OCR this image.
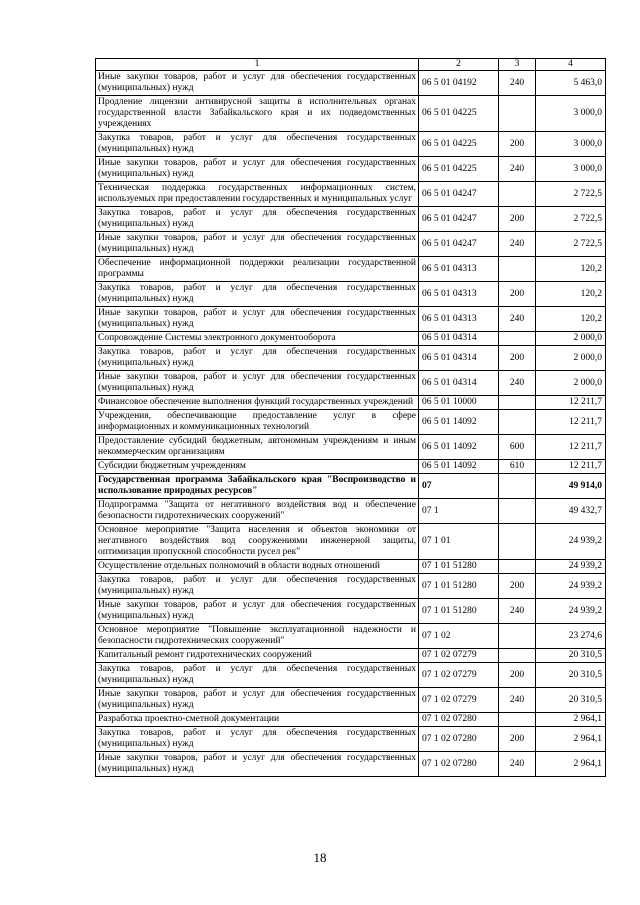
1	2	3	4
Иные закупки товаров, работ и услуг для обеспечения государственных (муниципальных) нужд	06 5 01 04192	240	5 463,0
Продление лицензии антивирусной защиты в исполнительных органах государственной власти Забайкальского края и их подведомственных учреждениях	06 5 01 04225		3 000,0
Закупка товаров, работ и услуг для обеспечения государственных (муниципальных) нужд	06 5 01 04225	200	3 000,0
Иные закупки товаров, работ и услуг для обеспечения государственных (муниципальных) нужд	06 5 01 04225	240	3 000,0
Техническая поддержка государственных информационных систем, используемых при предоставлении государственных и муниципальных услуг	06 5 01 04247		2 722,5
Закупка товаров, работ и услуг для обеспечения государственных (муниципальных) нужд	06 5 01 04247	200	2 722,5
Иные закупки товаров, работ и услуг для обеспечения государственных (муниципальных) нужд	06 5 01 04247	240	2 722,5
Обеспечение информационной поддержки реализации государственной программы	06 5 01 04313		120,2
Закупка товаров, работ и услуг для обеспечения государственных (муниципальных) нужд	06 5 01 04313	200	120,2
Иные закупки товаров, работ и услуг для обеспечения государственных (муниципальных) нужд	06 5 01 04313	240	120,2
Сопровождение Системы электронного документооборота	06 5 01 04314		2 000,0
Закупка товаров, работ и услуг для обеспечения государственных (муниципальных) нужд	06 5 01 04314	200	2 000,0
Иные закупки товаров, работ и услуг для обеспечения государственных (муниципальных) нужд	06 5 01 04314	240	2 000,0
Финансовое обеспечение выполнения функций государственных учреждений	06 5 01 10000		12 211,7
Учреждения, обеспечивающие предоставление услуг в сфере информационных и коммуникационных технологий	06 5 01 14092		12 211,7
Предоставление субсидий бюджетным, автономным учреждениям и иным некоммерческим организациям	06 5 01 14092	600	12 211,7
Субсидии бюджетным учреждениям	06 5 01 14092	610	12 211,7
Государственная программа Забайкальского края "Воспроизводство и использование природных ресурсов"	07		49 914,0
Подпрограмма "Защита от негативного воздействия вод и обеспечение безопасности гидротехнических сооружений"	07 1		49 432,7
Основное мероприятие "Защита населения и объектов экономики от негативного воздействия вод сооружениями инженерной защиты, оптимизация пропускной способности русел рек"	07 1 01		24 939,2
Осуществление отдельных полномочий в области водных отношений	07 1 01 51280		24 939,2
Закупка товаров, работ и услуг для обеспечения государственных (муниципальных) нужд	07 1 01 51280	200	24 939,2
Иные закупки товаров, работ и услуг для обеспечения государственных (муниципальных) нужд	07 1 01 51280	240	24 939,2
Основное мероприятие "Повышение эксплуатационной надежности и безопасности гидротехнических сооружений"	07 1 02		23 274,6
Капитальный ремонт гидротехнических сооружений	07 1 02 07279		20 310,5
Закупка товаров, работ и услуг для обеспечения государственных (муниципальных) нужд	07 1 02 07279	200	20 310,5
Иные закупки товаров, работ и услуг для обеспечения государственных (муниципальных) нужд	07 1 02 07279	240	20 310,5
Разработка проектно-сметной документации	07 1 02 07280		2 964,1
Закупка товаров, работ и услуг для обеспечения государственных (муниципальных) нужд	07 1 02 07280	200	2 964,1
Иные закупки товаров, работ и услуг для обеспечения государственных (муниципальных) нужд	07 1 02 07280	240	2 964,1
18
